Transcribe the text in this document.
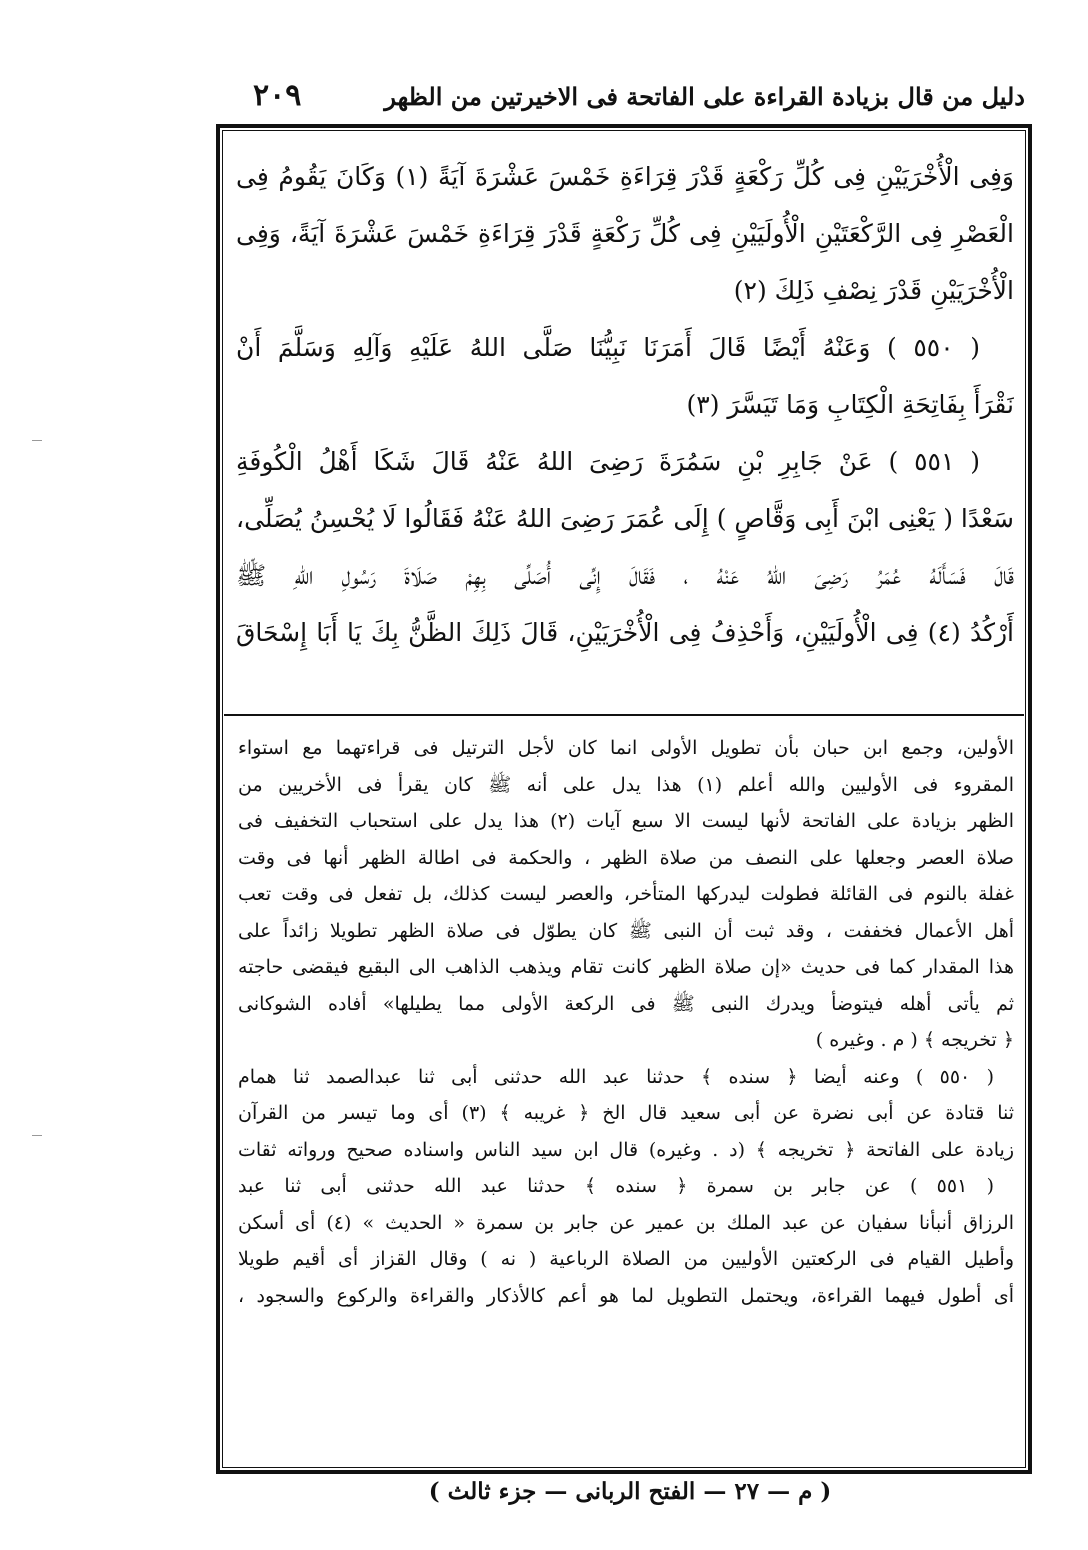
دليل من قال بزيادة القراءة على الفاتحة فى الاخيرتين من الظهر
٢٠٩
وَفِى الْأُخْرَيَيْنِ فِى كُلِّ رَكْعَةٍ قَدْرَ قِرَاءَةِ خَمْسَ عَشْرَةَ آيَةً (١) وَكَانَ يَقُومُ فِى
الْعَصْرِ فِى الرَّكْعَتَيْنِ الْأُولَيَيْنِ فِى كُلِّ رَكْعَةٍ قَدْرَ قِرَاءَةِ خَمْسَ عَشْرَةَ آيَةً، وَفِى
الْأُخْرَيَيْنِ قَدْرَ نِصْفِ ذَلِكَ (٢)
( ٥٥٠ ) وَعَنْهُ أَيْضًا قَالَ أَمَرَنَا نَبِيُّنَا صَلَّى اللهُ عَلَيْهِ وَآلِهِ وَسَلَّمَ أَنْ
نَقْرَأَ بِفَاتِحَةِ الْكِتَابِ وَمَا تَيَسَّرَ (٣)
( ٥٥١ ) عَنْ جَابِرِ بْنِ سَمُرَةَ رَضِىَ اللهُ عَنْهُ قَالَ شَكَا أَهْلُ الْكُوفَةِ
سَعْدًا ( يَعْنِى ابْنَ أَبِى وَقَّاصٍ ) إِلَى عُمَرَ رَضِىَ اللهُ عَنْهُ فَقَالُوا لَا يُحْسِنُ يُصَلِّى،
قَالَ فَسَأَلَهُ عُمَرُ رَضِىَ اللهُ عَنْهُ ، فَقَالَ إِنِّى أُصَلِّى بِهِمْ صَلَاةَ رَسُولِ اللهِ ﷺ
أَرْكُدُ (٤) فِى الْأُولَيَيْنِ، وَأَحْذِفُ فِى الْأُخْرَيَيْنِ، قَالَ ذَلِكَ الظَّنُّ بِكَ يَا أَبَا إِسْحَاقَ
الأولين، وجمع ابن حبان بأن تطويل الأولى انما كان لأجل الترتيل فى قراءتهما مع استواء
المقروء فى الأوليين والله أعلم (١) هذا يدل على أنه ﷺ كان يقرأ فى الأخريين من
الظهر بزيادة على الفاتحة لأنها ليست الا سبع آيات (٢) هذا يدل على استحباب التخفيف فى
صلاة العصر وجعلها على النصف من صلاة الظهر ، والحكمة فى اطالة الظهر أنها فى وقت
غفلة بالنوم فى القائلة فطولت ليدركها المتأخر، والعصر ليست كذلك، بل تفعل فى وقت تعب
أهل الأعمال فخففت ، وقد ثبت أن النبى ﷺ كان يطوّل فى صلاة الظهر تطويلا زائداً على
هذا المقدار كما فى حديث «إن صلاة الظهر كانت تقام ويذهب الذاهب الى البقيع فيقضى حاجته
ثم يأتى أهله فيتوضأ ويدرك النبى ﷺ فى الركعة الأولى مما يطيلها» أفاده الشوكانى
﴿ تخريجه ﴾ ( م . وغيره )
( ٥٥٠ ) وعنه أيضا ﴿ سنده ﴾ حدثنا عبد الله حدثنى أبى ثنا عبدالصمد ثنا همام
ثنا قتادة عن أبى نضرة عن أبى سعيد قال الخ ﴿ غريبه ﴾ (٣) أى وما تيسر من القرآن
زيادة على الفاتحة ﴿ تخريجه ﴾ (د . وغيره) قال ابن سيد الناس واسناده صحيح ورواته ثقات
( ٥٥١ ) عن جابر بن سمرة ﴿ سنده ﴾ حدثنا عبد الله حدثنى أبى ثنا عبد
الرزاق أنبأنا سفيان عن عبد الملك بن عمير عن جابر بن سمرة « الحديث » (٤) أى أسكن
وأطيل القيام فى الركعتين الأوليين من الصلاة الرباعية ( نه ) وقال القزاز أى أقيم طويلا
أى أطول فيهما القراءة، ويحتمل التطويل لما هو أعم كالأذكار والقراءة والركوع والسجود ،
( م — ٢٧ — الفتح الربانى — جزء ثالث )
